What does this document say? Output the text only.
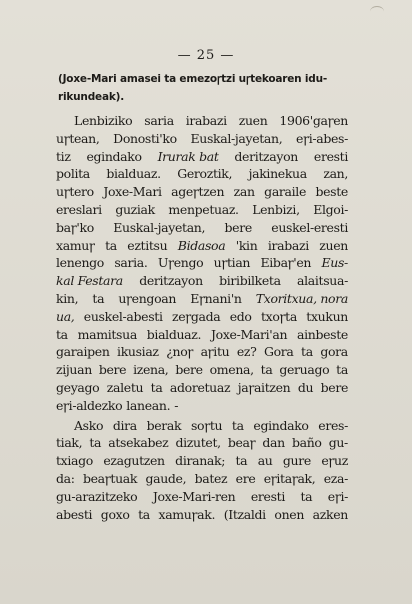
— 25 —
(Joxe-Mari amasei ta emezoꞅtzi uꞅtekoaren idu-
rikundeak).
Lenbiziko saria irabazi zuen 1906'gaꞅen
uꞅtean, Donosti'ko Euskal-jayetan, eꞅi-abes-
tiz egindako Irurak bat deritzayon eresti
polita bialduaz. Geroztik, jakinekua zan,
uꞅtero Joxe-Mari ageꞅtzen zan garaile beste
ereslari guziak menpetuaz. Lenbizi, Elgoi-
baꞅ'ko Euskal-jayetan, bere euskel-eresti
xamuꞅ ta eztitsu Bidasoa 'kin irabazi zuen
lenengo saria. Uꞅengo uꞅtian Eibaꞅ'en Eus-
kal Festara deritzayon biribilketa alaitsua-
kin, ta uꞅengoan Eꞅnani'n Txoritxua, nora
ua, euskel-abesti zeꞅgada edo txoꞅta txukun
ta mamitsua bialduaz. Joxe-Mari'an ainbeste
garaipen ikusiaz ¿noꞅ aꞅitu ez? Gora ta gora
zijuan bere izena, bere omena, ta geruago ta
geyago zaletu ta adoretuaz jaꞅaitzen du bere
eꞅi-aldezko lanean. -
Asko dira berak soꞅtu ta egindako eres-
tiak, ta atsekabez dizutet, beaꞅ dan baño gu-
txiago ezagutzen diranak; ta au gure eꞅuz
da: beaꞅtuak gaude, batez ere eꞅitaꞅak, eza-
gu-arazitzeko Joxe-Mari-ren eresti ta eꞅi-
abesti goxo ta xamuꞅak. (Itzaldi onen azken
